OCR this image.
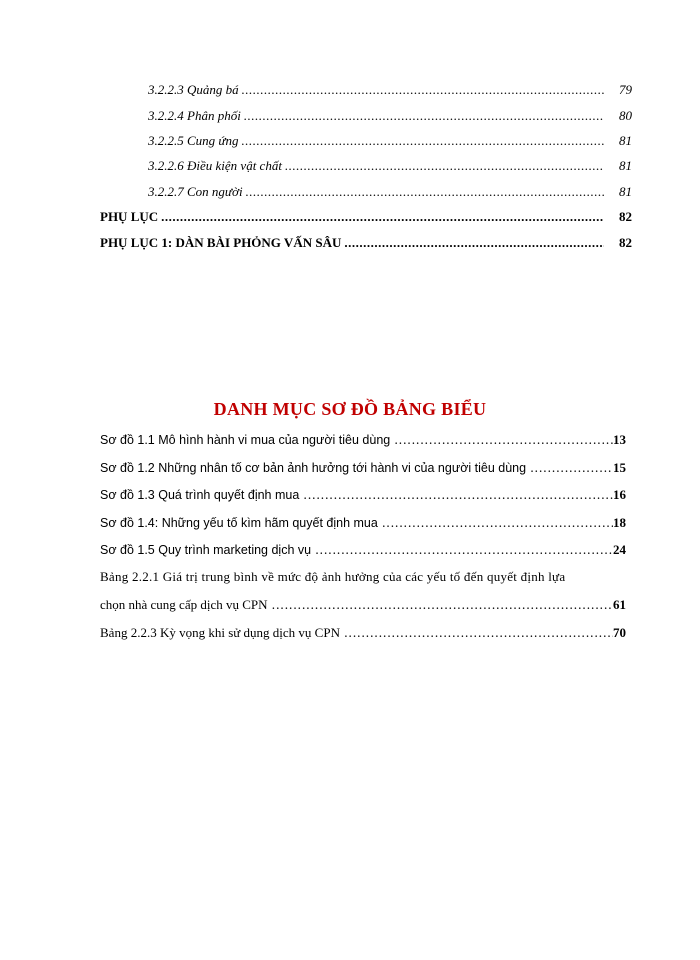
3.2.2.3 Quảng bá .....	79
3.2.2.4 Phân phối .....	80
3.2.2.5 Cung ứng .....	81
3.2.2.6 Điều kiện vật chất .....	81
3.2.2.7 Con người .....	81
PHỤ LỤC .....	82
PHỤ LỤC 1: DÀN BÀI PHỎNG VẤN SÂU .....	82
DANH MỤC SƠ ĐỒ BẢNG BIỂU
Sơ đồ 1.1 Mô hình hành vi mua của người tiêu dùng .....	13
Sơ đồ 1.2 Những nhân tố cơ bản ảnh hưởng tới hành vi của người tiêu dùng .....	15
Sơ đồ 1.3 Quá trình quyết định mua .....	16
Sơ đồ 1.4: Những yếu tố kìm hãm quyết định mua .....	18
Sơ đồ 1.5 Quy trình marketing dịch vụ .....	24
Bảng 2.2.1 Giá trị trung bình về mức độ ảnh hưởng của các yếu tố đến quyết định lựa
chọn nhà cung cấp dịch vụ CPN .....	61
Bảng 2.2.3 Kỳ vọng khi sử dụng dịch vụ CPN .....	70
